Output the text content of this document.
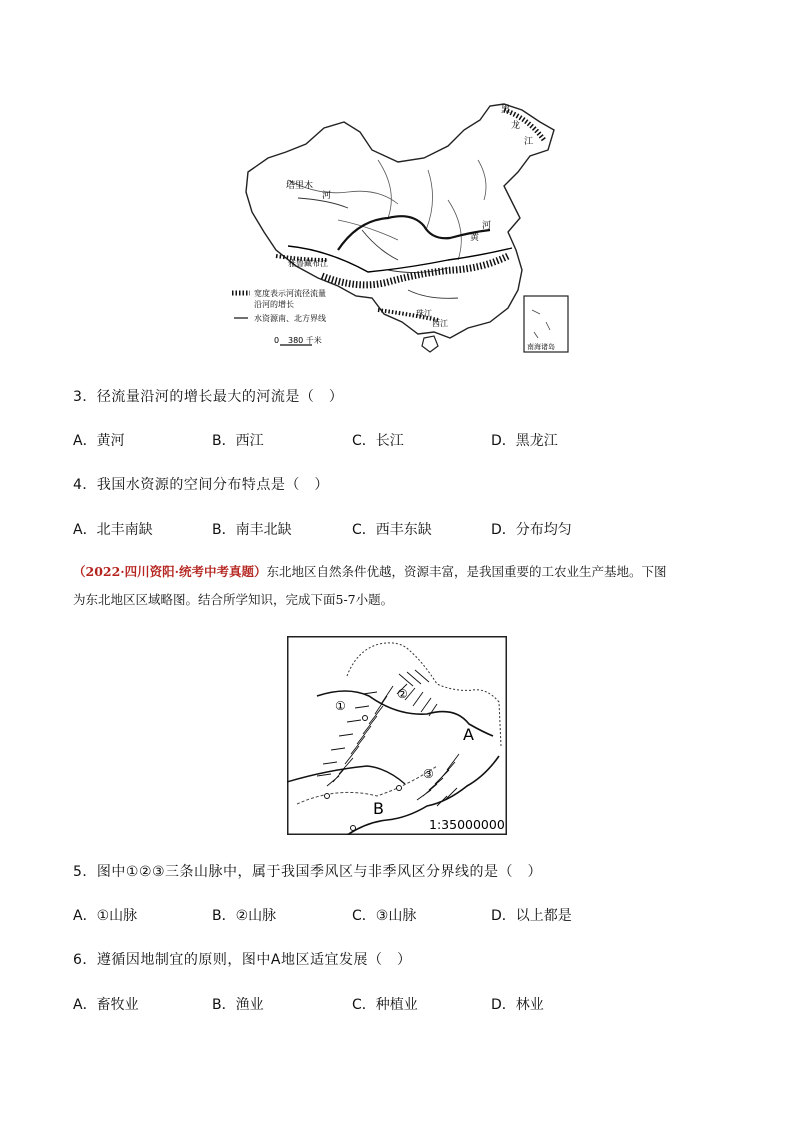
黑
龙
江
塔里木
河
雅鲁藏布江
黄
河
珠江
西江
宽度表示河流径流量
沿河的增长
水资源南、北方界线
0 380 千米
南海诸岛
3．径流量沿河的增长最大的河流是（　）
A．黄河	B．西江	C．长江	D．黑龙江
4．我国水资源的空间分布特点是（　）
A．北丰南缺	B．南丰北缺	C．西丰东缺	D．分布均匀
（2022·四川资阳·统考中考真题）东北地区自然条件优越，资源丰富，是我国重要的工农业生产基地。下图
为东北地区区域略图。结合所学知识，完成下面5-7小题。
①
②
③
A
B
1:35000000
5．图中①②③三条山脉中，属于我国季风区与非季风区分界线的是（　）
A．①山脉	B．②山脉	C．③山脉	D．以上都是
6．遵循因地制宜的原则，图中A地区适宜发展（　）
A．畜牧业	B．渔业	C．种植业	D．林业
